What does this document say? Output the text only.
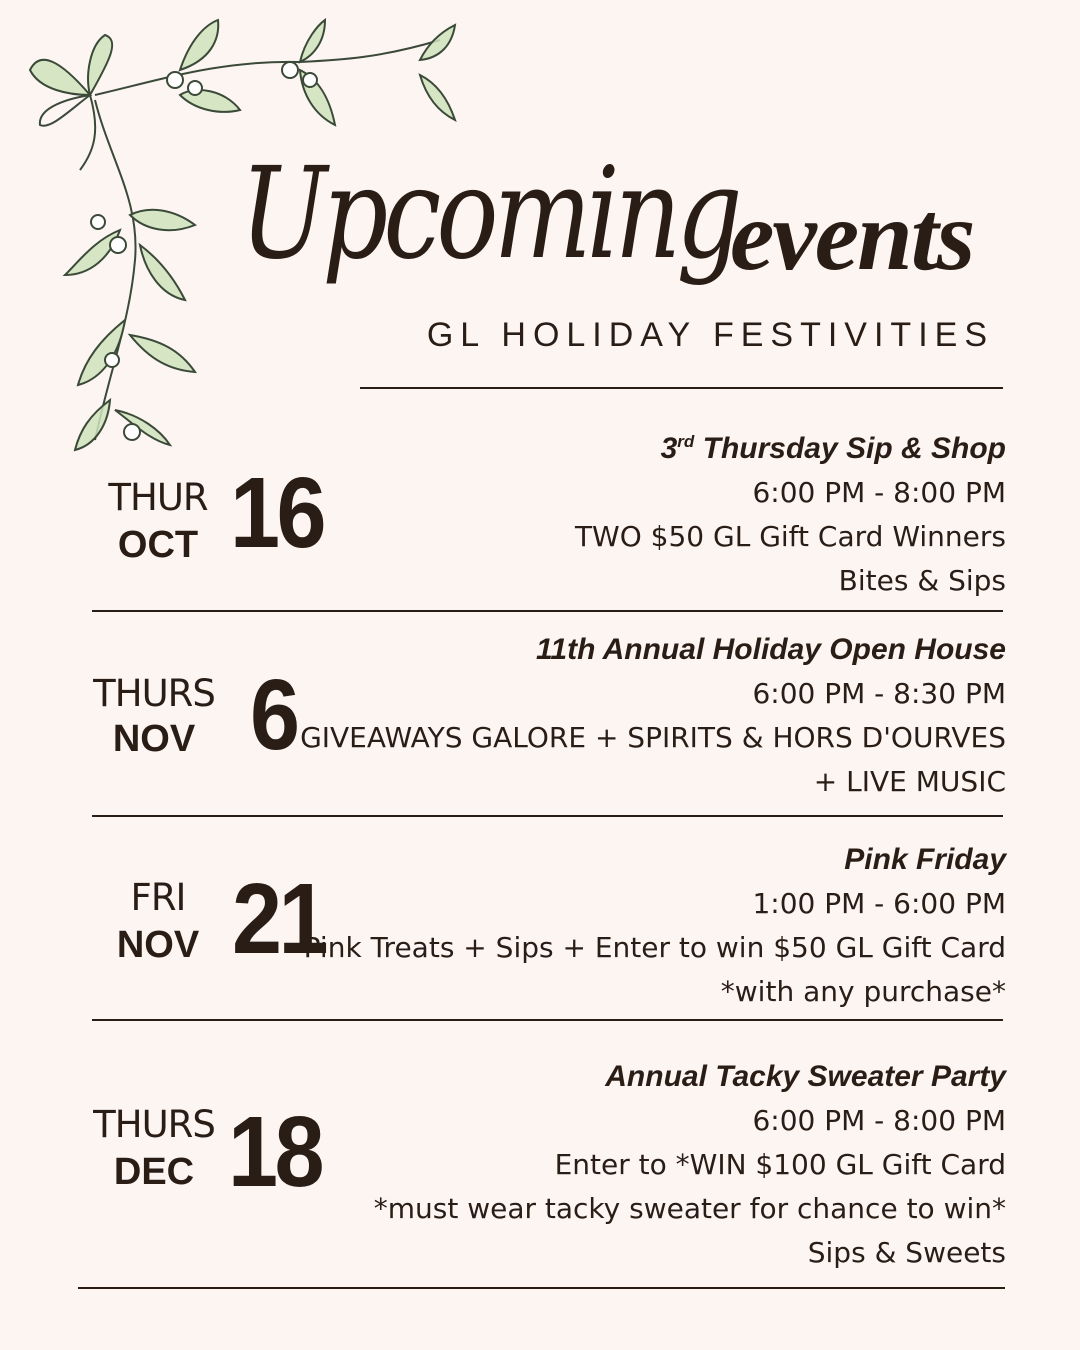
Upcoming
events
GL HOLIDAY FESTIVITIES
THUR
OCT 16
3rd Thursday Sip & Shop
6:00 PM - 8:00 PM
TWO $50 GL Gift Card Winners
Bites & Sips
THURS
NOV 6
11th Annual Holiday Open House
6:00 PM - 8:30 PM
GIVEAWAYS GALORE + SPIRITS & HORS D'OURVES
+ LIVE MUSIC
FRI
NOV 21
Pink Friday
1:00 PM - 6:00 PM
Pink Treats + Sips + Enter to win $50 GL Gift Card
*with any purchase*
THURS
DEC 18
Annual Tacky Sweater Party
6:00 PM - 8:00 PM
Enter to *WIN $100 GL Gift Card
*must wear tacky sweater for chance to win*
Sips & Sweets
